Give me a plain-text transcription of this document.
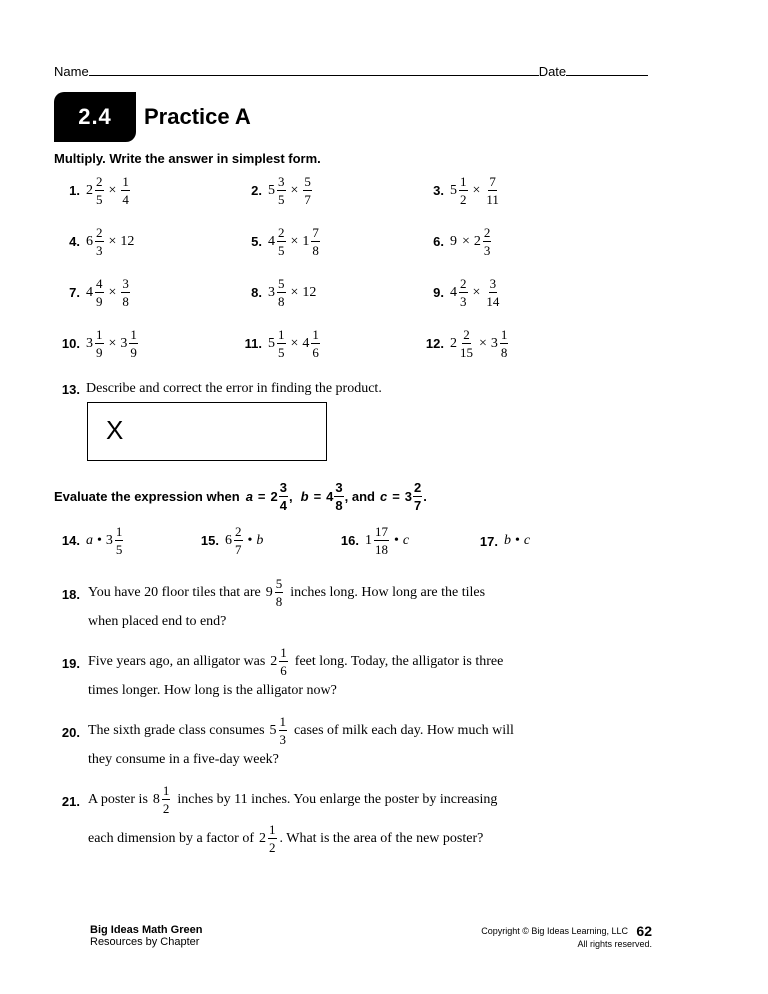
Name	Date
2.4	Practice A
Multiply. Write the answer in simplest form.
1. $2 \frac{2}{5} \times \frac{1}{4}$	2. $5 \frac{3}{5} \times \frac{5}{7}$	3. $5 \frac{1}{2} \times \frac{7}{11}$
4. $6 \frac{2}{3} \times 12$	5. $4 \frac{2}{5} \times 1 \frac{7}{8}$	6. $9 \times 2 \frac{2}{3}$
7. $4 \frac{4}{9} \times \frac{3}{8}$	8. $3 \frac{5}{8} \times 12$	9. $4 \frac{2}{3} \times \frac{3}{14}$
10. $3 \frac{1}{9} \times 3 \frac{1}{9}$	11. $5 \frac{1}{5} \times 4 \frac{1}{6}$	12. $2 \frac{2}{15} \times 3 \frac{1}{8}$
13. Describe and correct the error in finding the product.
X
Evaluate the expression when $a = 2 \frac{3}{4}$ , $b = 4 \frac{3}{8}$ , and $c = 3 \frac{2}{7}$ .
14. a • $3 \frac{1}{5}$	15. $6 \frac{2}{7}$ • b	16. $1 \frac{17}{18}$ • c	17. b • c
18. You have 20 floor tiles that are $9 \frac{5}{8}$ inches long. How long are the tiles
when placed end to end?
19. Five years ago, an alligator was $2 \frac{1}{6}$ feet long. Today, the alligator is three
times longer. How long is the alligator now?
20. The sixth grade class consumes $5 \frac{1}{3}$ cases of milk each day. How much will
they consume in a five-day week?
21. A poster is $8 \frac{1}{2}$ inches by 11 inches. You enlarge the poster by increasing
each dimension by a factor of $2 \frac{1}{2}$ . What is the area of the new poster?
Big Ideas Math Green
Resources by Chapter
Copyright © Big Ideas Learning, LLC 62
All rights reserved.
